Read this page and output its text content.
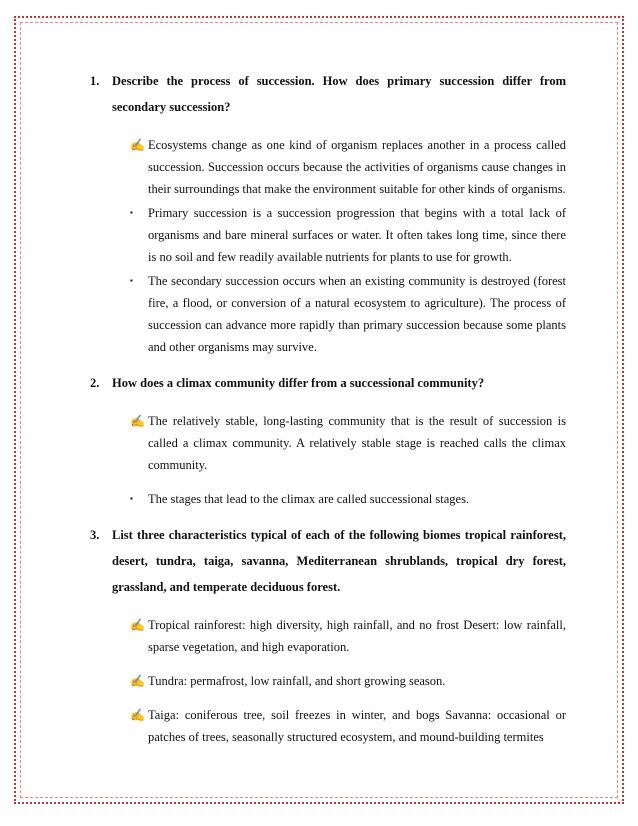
1.	Describe the process of succession. How does primary succession differ from secondary succession?
✍ Ecosystems change as one kind of organism replaces another in a process called succession. Succession occurs because the activities of organisms cause changes in their surroundings that make the environment suitable for other kinds of organisms.
▪	Primary succession is a succession progression that begins with a total lack of organisms and bare mineral surfaces or water. It often takes long time, since there is no soil and few readily available nutrients for plants to use for growth.
▪	The secondary succession occurs when an existing community is destroyed (forest fire, a flood, or conversion of a natural ecosystem to agriculture). The process of succession can advance more rapidly than primary succession because some plants and other organisms may survive.
2.	How does a climax community differ from a successional community?
✍ The relatively stable, long-lasting community that is the result of succession is called a climax community. A relatively stable stage is reached calls the climax community.
▪	The stages that lead to the climax are called successional stages.
3.	List three characteristics typical of each of the following biomes tropical rainforest, desert, tundra, taiga, savanna, Mediterranean shrublands, tropical dry forest, grassland, and temperate deciduous forest.
✍ Tropical rainforest: high diversity, high rainfall, and no frost Desert: low rainfall, sparse vegetation, and high evaporation.
✍ Tundra: permafrost, low rainfall, and short growing season.
✍ Taiga: coniferous tree, soil freezes in winter, and bogs Savanna: occasional or patches of trees, seasonally structured ecosystem, and mound-building termites
